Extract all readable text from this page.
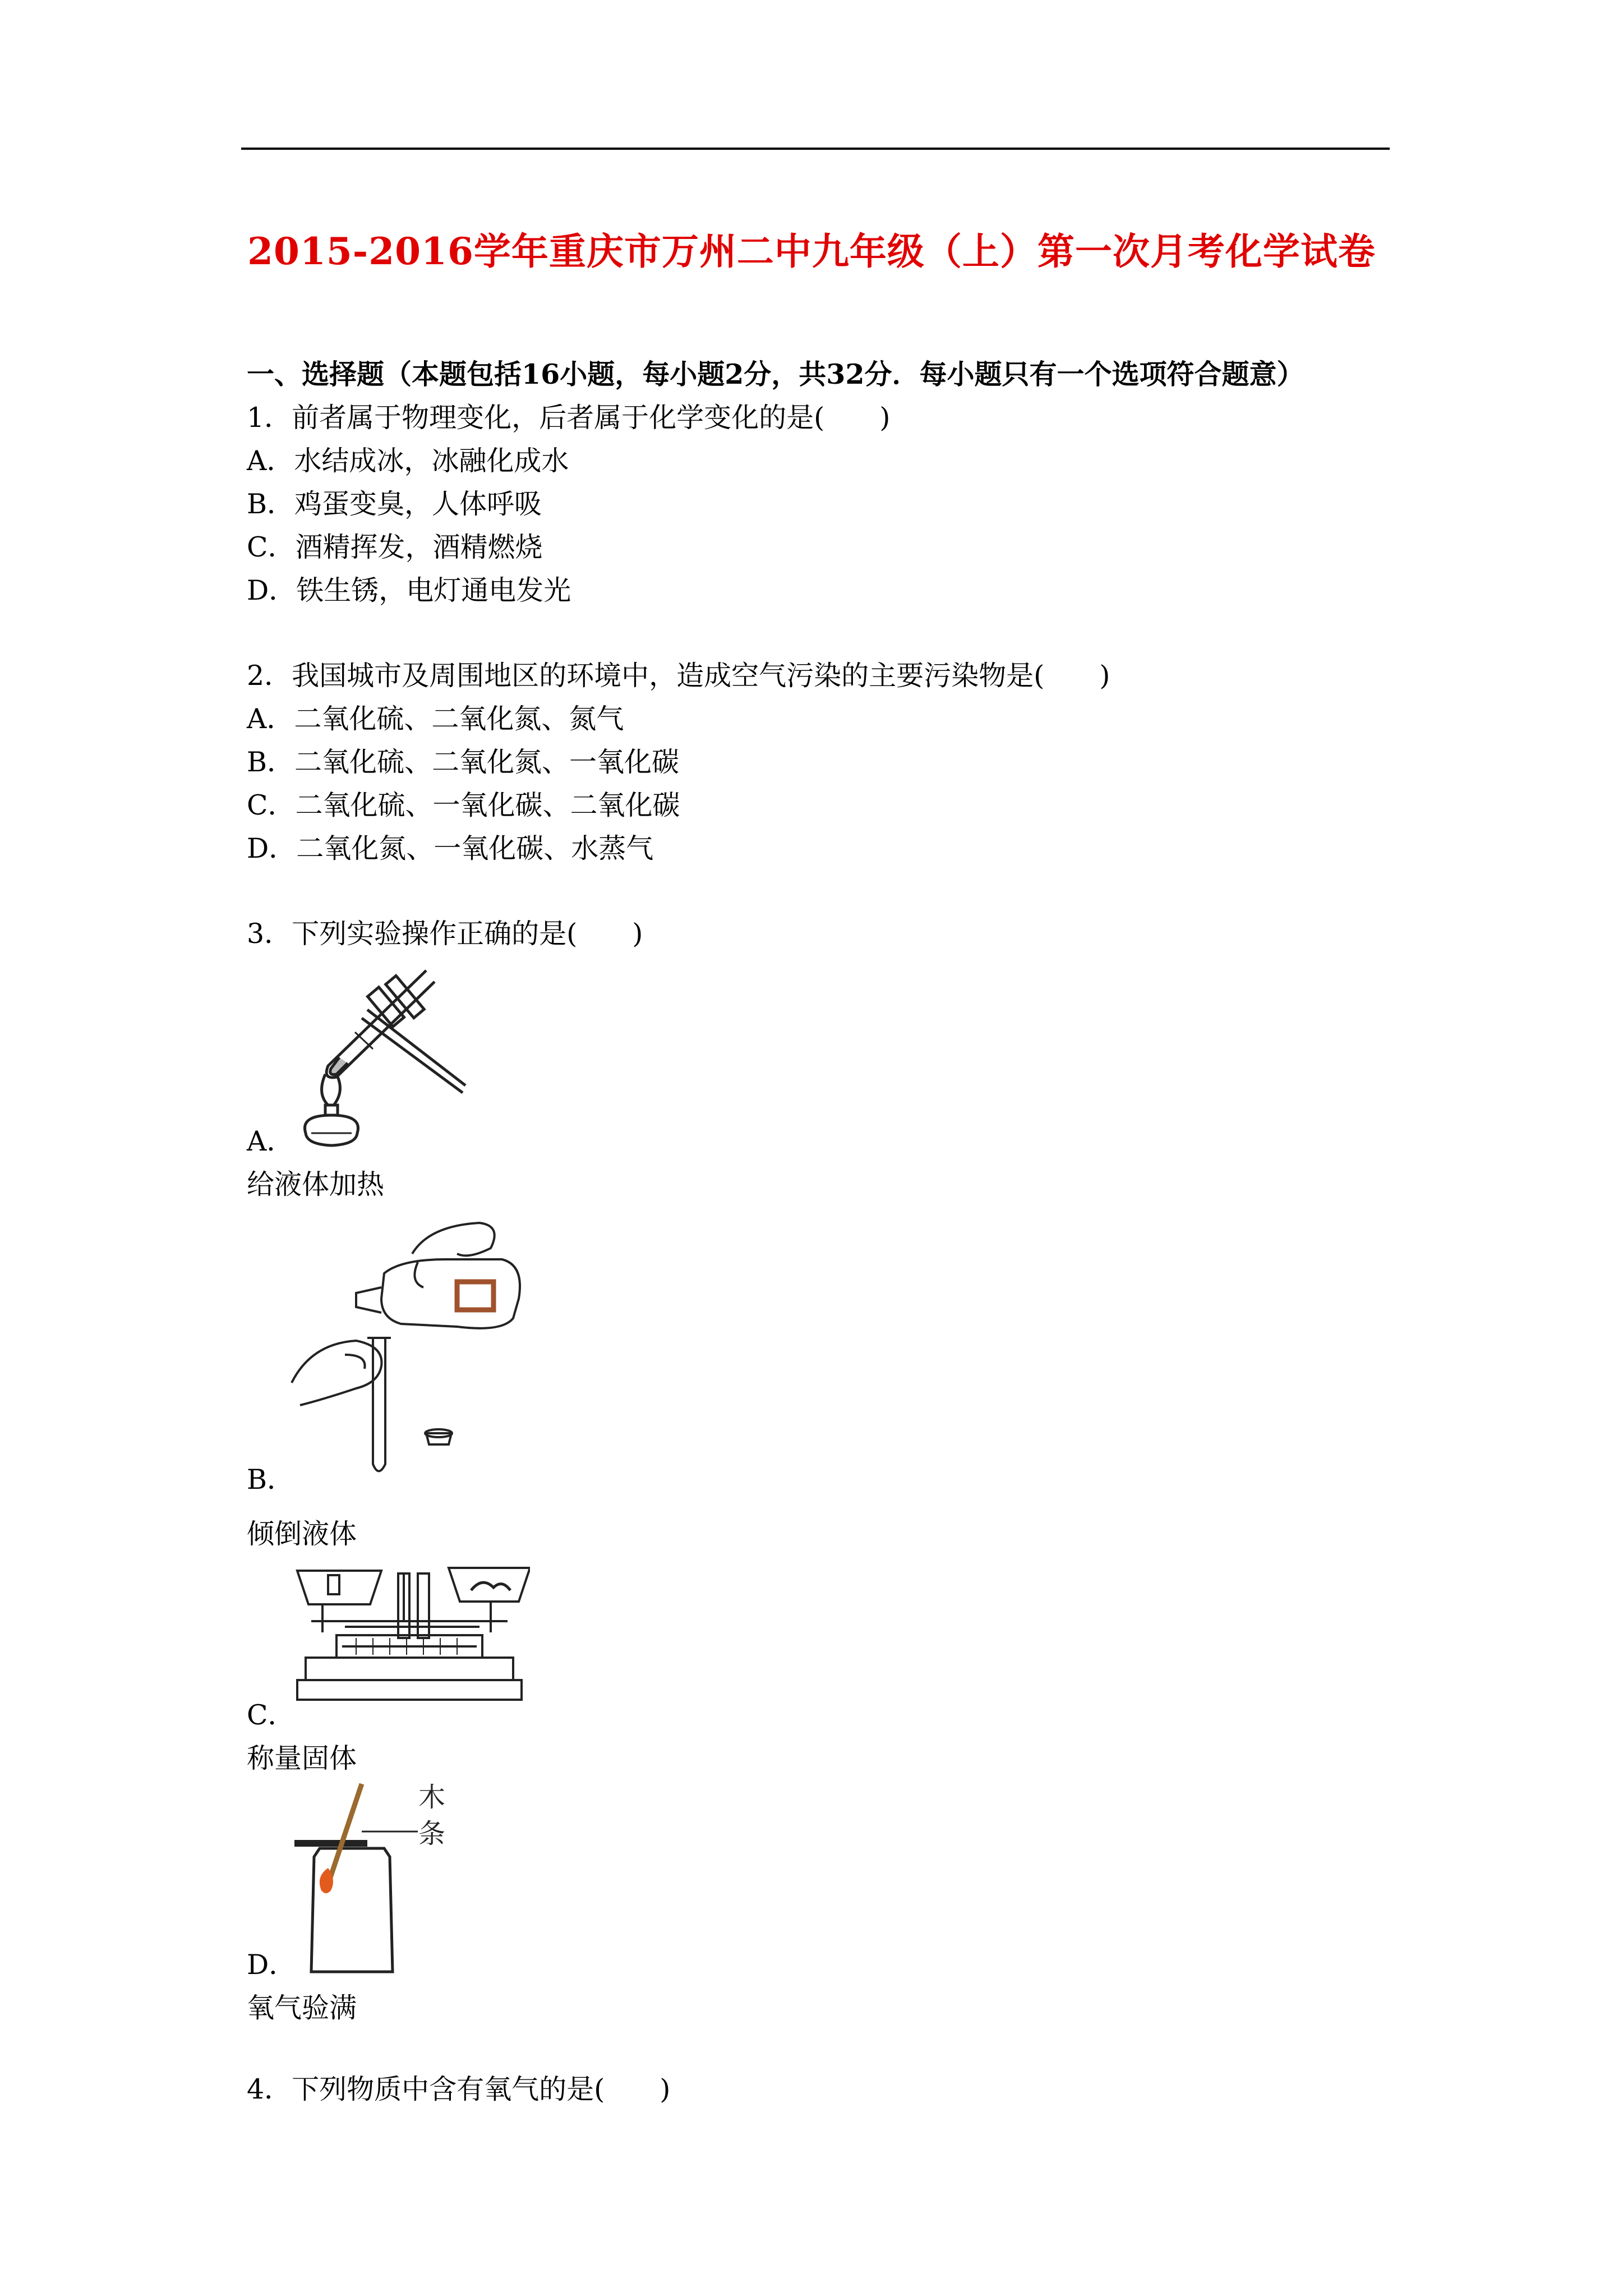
2015-2016学年重庆市万州二中九年级（上）第一次月考化学试卷
一、选择题（本题包括16小题，每小题2分，共32分．每小题只有一个选项符合题意）
1．前者属于物理变化，后者属于化学变化的是(　　)
A．水结成冰，冰融化成水
B．鸡蛋变臭，人体呼吸
C．酒精挥发，酒精燃烧
D．铁生锈，电灯通电发光
2．我国城市及周围地区的环境中，造成空气污染的主要污染物是(　　)
A．二氧化硫、二氧化氮、氮气
B．二氧化硫、二氧化氮、一氧化碳
C．二氧化硫、一氧化碳、二氧化碳
D．二氧化氮、一氧化碳、水蒸气
3．下列实验操作正确的是(　　)
A．
给液体加热
B．
倾倒液体
C．
称量固体
木
条
D．
氧气验满
4．下列物质中含有氧气的是(　　)
